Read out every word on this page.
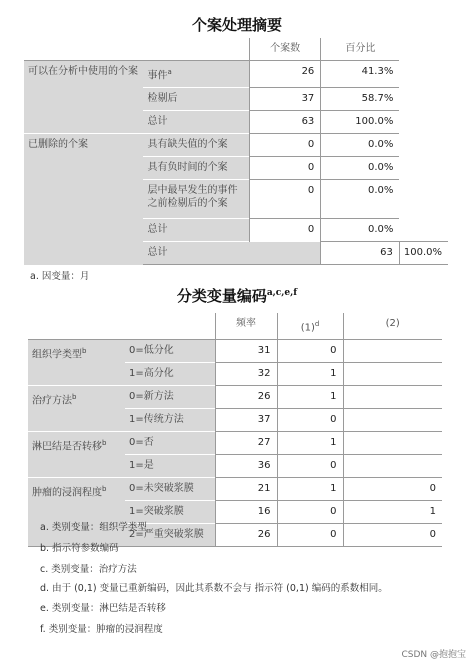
个案处理摘要
		个案数	百分比	
可以在分析中使用的个案	事件$^a$	26	41.3%	
	检剔后	37	58.7%	
	总计	63	100.0%	
已删除的个案	具有缺失值的个案	0	0.0%	
	具有负时间的个案	0	0.0%	
	层中最早发生的事件之前检剔后的个案	0	0.0%	
	总计	0	0.0%	
	总计		63	100.0%
a. 因变量：月
分类变量编码$^{a,c,e,f}$
		频率	$(1)^d$	(2)
组织学类型$^b$	0=低分化	31	0	
	1=高分化	32	1	
治疗方法$^b$	0=新方法	26	1	
	1=传统方法	37	0	
淋巴结是否转移$^b$	0=否	27	1	
	1=是	36	0	
肿瘤的浸润程度$^b$	0=未突破浆膜	21	1	0
	1=突破浆膜	16	0	1
	2=严重突破浆膜	26	0	0
a. 类别变量：组织学类型
b. 指示符参数编码
c. 类别变量：治疗方法
d. 由于 (0,1) 变量已重新编码，因此其系数不会与 指示符 (0,1) 编码的系数相同。
e. 类别变量：淋巴结是否转移
f. 类别变量：肿瘤的浸润程度
CSDN @抱抱宝
